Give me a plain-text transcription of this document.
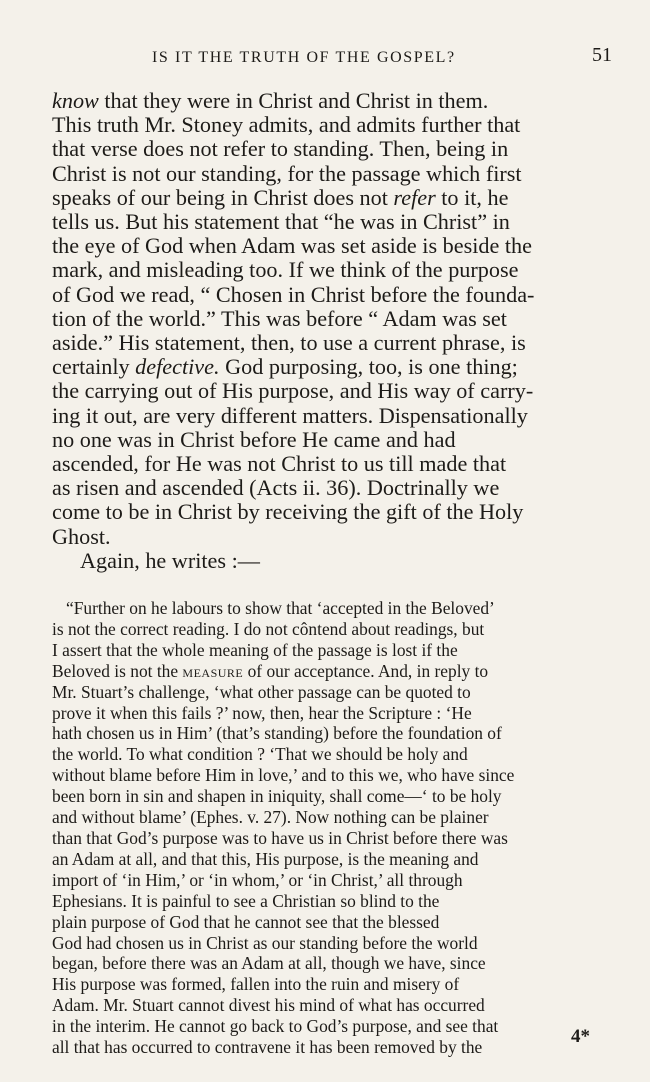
IS IT THE TRUTH OF THE GOSPEL?	51
know that they were in Christ and Christ in them.
This truth Mr. Stoney admits, and admits further that
that verse does not refer to standing. Then, being in
Christ is not our standing, for the passage which first
speaks of our being in Christ does not refer to it, he
tells us. But his statement that “he was in Christ” in
the eye of God when Adam was set aside is beside the
mark, and misleading too. If we think of the purpose
of God we read, “ Chosen in Christ before the founda-
tion of the world.” This was before “ Adam was set
aside.” His statement, then, to use a current phrase, is
certainly defective. God purposing, too, is one thing;
the carrying out of His purpose, and His way of carry-
ing it out, are very different matters. Dispensationally
no one was in Christ before He came and had
ascended, for He was not Christ to us till made that
as risen and ascended (Acts ii. 36). Doctrinally we
come to be in Christ by receiving the gift of the Holy
Ghost.
Again, he writes :—
“Further on he labours to show that ‘accepted in the Beloved’
is not the correct reading. I do not côntend about readings, but
I assert that the whole meaning of the passage is lost if the
Beloved is not the measure of our acceptance. And, in reply to
Mr. Stuart’s challenge, ‘what other passage can be quoted to
prove it when this fails ?’ now, then, hear the Scripture : ‘He
hath chosen us in Him’ (that’s standing) before the foundation of
the world. To what condition ? ‘That we should be holy and
without blame before Him in love,’ and to this we, who have since
been born in sin and shapen in iniquity, shall come—‘ to be holy
and without blame’ (Ephes. v. 27). Now nothing can be plainer
than that God’s purpose was to have us in Christ before there was
an Adam at all, and that this, His purpose, is the meaning and
import of ‘in Him,’ or ‘in whom,’ or ‘in Christ,’ all through
Ephesians. It is painful to see a Christian so blind to the
plain purpose of God that he cannot see that the blessed
God had chosen us in Christ as our standing before the world
began, before there was an Adam at all, though we have, since
His purpose was formed, fallen into the ruin and misery of
Adam. Mr. Stuart cannot divest his mind of what has occurred
in the interim. He cannot go back to God’s purpose, and see that
all that has occurred to contravene it has been removed by the
4*
